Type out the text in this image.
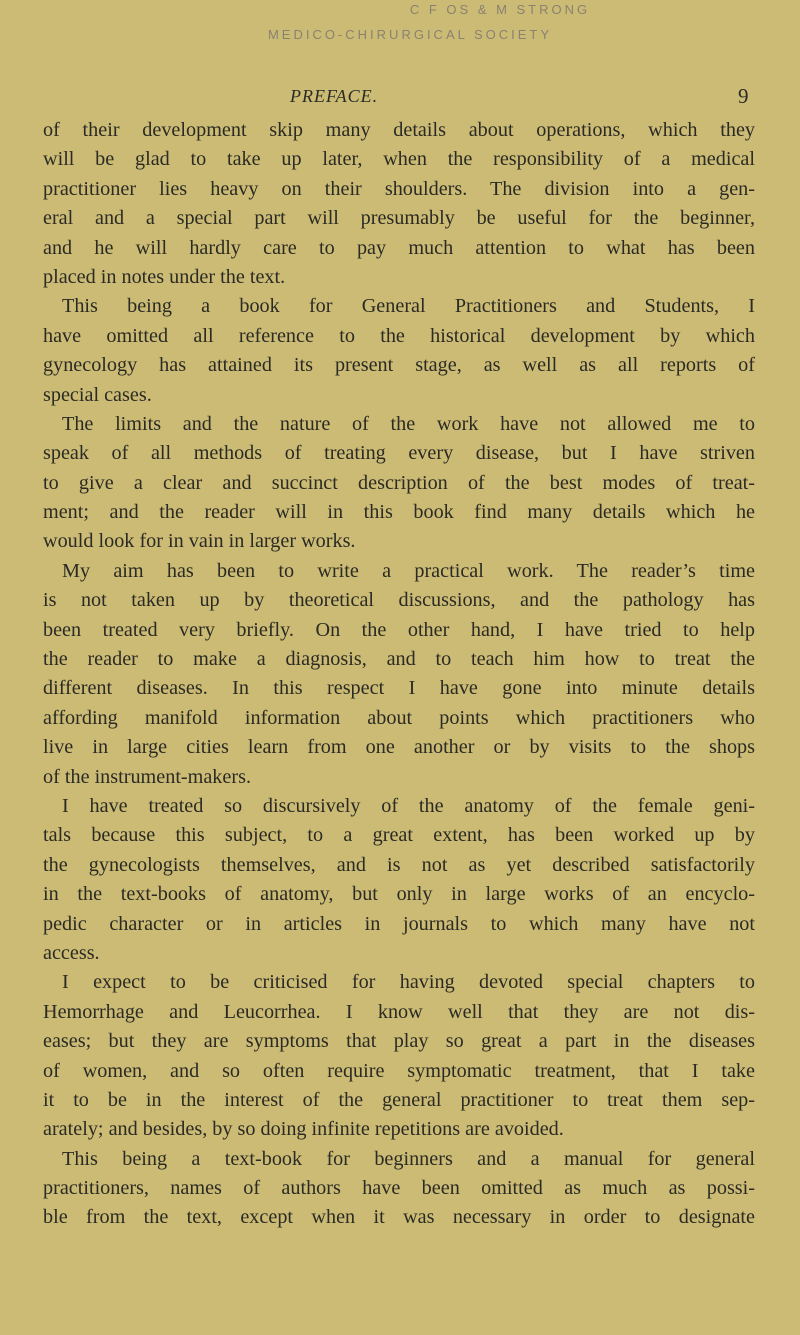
C F OS & M STRONG
MEDICO-CHIRURGICAL SOCIETY
PREFACE.	9
of their development skip many details about operations, which they
will be glad to take up later, when the responsibility of a medical
practitioner lies heavy on their shoulders. The division into a gen-
eral and a special part will presumably be useful for the beginner,
and he will hardly care to pay much attention to what has been
placed in notes under the text.
This being a book for General Practitioners and Students, I
have omitted all reference to the historical development by which
gynecology has attained its present stage, as well as all reports of
special cases.
The limits and the nature of the work have not allowed me to
speak of all methods of treating every disease, but I have striven
to give a clear and succinct description of the best modes of treat-
ment; and the reader will in this book find many details which he
would look for in vain in larger works.
My aim has been to write a practical work. The reader’s time
is not taken up by theoretical discussions, and the pathology has
been treated very briefly. On the other hand, I have tried to help
the reader to make a diagnosis, and to teach him how to treat the
different diseases. In this respect I have gone into minute details
affording manifold information about points which practitioners who
live in large cities learn from one another or by visits to the shops
of the instrument-makers.
I have treated so discursively of the anatomy of the female geni-
tals because this subject, to a great extent, has been worked up by
the gynecologists themselves, and is not as yet described satisfactorily
in the text-books of anatomy, but only in large works of an encyclo-
pedic character or in articles in journals to which many have not
access.
I expect to be criticised for having devoted special chapters to
Hemorrhage and Leucorrhea. I know well that they are not dis-
eases; but they are symptoms that play so great a part in the diseases
of women, and so often require symptomatic treatment, that I take
it to be in the interest of the general practitioner to treat them sep-
arately; and besides, by so doing infinite repetitions are avoided.
This being a text-book for beginners and a manual for general
practitioners, names of authors have been omitted as much as possi-
ble from the text, except when it was necessary in order to designate
